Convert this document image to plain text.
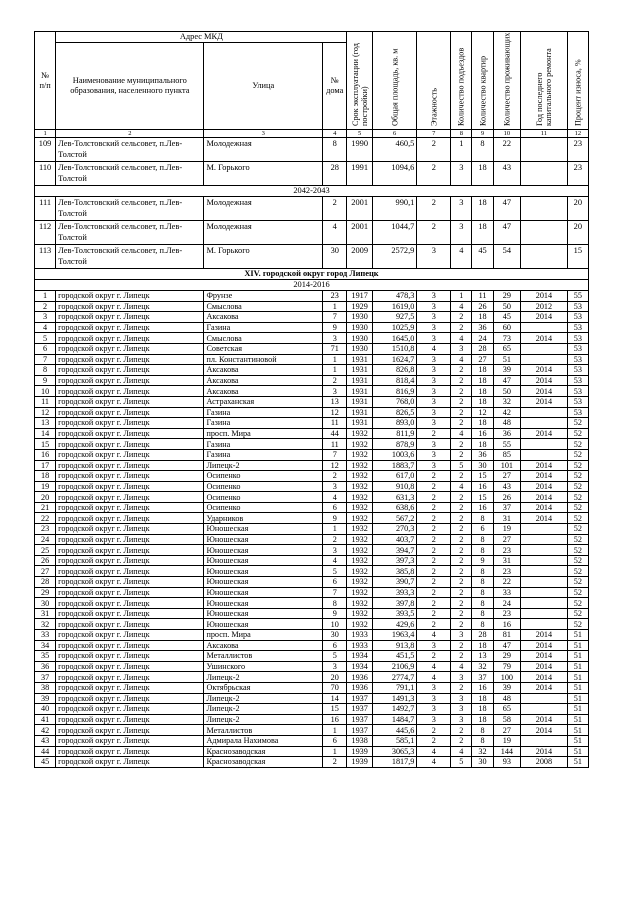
№ п/п	Адрес МКД			Срок эксплуатации (год постройки)	Общая площадь, кв. м	Этажность	Количество подъездов	Количество квартир	Количество проживающих	Год последнего капитального ремонта	Процент износа, %

	Наименование муниципального образования, населенного пункта	Улица	№ дома								
1	2	3	4	5	6	7	8	9	10	11	12
109	Лев-Толстовский сельсовет, п.Лев-Толстой	Молодежная	8	1990	460,5	2	1	8	22		23
110	Лев-Толстовский сельсовет, п.Лев-Толстой	М. Горького	28	1991	1094,6	2	3	18	43		23
2042-2043											
111	Лев-Толстовский сельсовет, п.Лев-Толстой	Молодежная	2	2001	990,1	2	3	18	47		20
112	Лев-Толстовский сельсовет, п.Лев-Толстой	Молодежная	4	2001	1044,7	2	3	18	47		20
113	Лев-Толстовский сельсовет, п.Лев-Толстой	М. Горького	30	2009	2572,9	3	4	45	54		15
XIV. городской округ город Липецк											
2014-2016											
1	городской округ г. Липецк	Фрунзе	23	1917	478,3	3	1	11	29	2014	55
2	городской округ г. Липецк	Смыслова	1	1929	1619,0	3	4	26	50	2012	53
3	городской округ г. Липецк	Аксакова	7	1930	927,5	3	2	18	45	2014	53
4	городской округ г. Липецк	Газина	9	1930	1025,9	3	2	36	60		53
5	городской округ г. Липецк	Смыслова	3	1930	1645,0	3	4	24	73	2014	53
6	городской округ г. Липецк	Советская	71	1930	1510,8	4	3	28	65		53
7	городской округ г. Липецк	пл. Константиновой	1	1931	1624,7	3	4	27	51		53
8	городской округ г. Липецк	Аксакова	1	1931	826,8	3	2	18	39	2014	53
9	городской округ г. Липецк	Аксакова	2	1931	818,4	3	2	18	47	2014	53
10	городской округ г. Липецк	Аксакова	3	1931	816,9	3	2	18	50	2014	53
11	городской округ г. Липецк	Астраханская	13	1931	768,0	3	2	18	32	2014	53
12	городской округ г. Липецк	Газина	12	1931	826,5	3	2	12	42		53
13	городской округ г. Липецк	Газина	11	1931	893,0	3	2	18	48		52
14	городской округ г. Липецк	просп. Мира	44	1932	811,9	2	4	16	36	2014	52
15	городской округ г. Липецк	Газина	11	1932	878,9	3	2	18	55		52
16	городской округ г. Липецк	Газина	7	1932	1003,6	3	2	36	85		52
17	городской округ г. Липецк	Липецк-2	12	1932	1883,7	3	5	30	101	2014	52
18	городской округ г. Липецк	Осипенко	2	1932	617,0	2	2	15	27	2014	52
19	городской округ г. Липецк	Осипенко	3	1932	910,8	2	4	16	43	2014	52
20	городской округ г. Липецк	Осипенко	4	1932	631,3	2	2	15	26	2014	52
21	городской округ г. Липецк	Осипенко	6	1932	638,6	2	2	16	37	2014	52
22	городской округ г. Липецк	Ударников	9	1932	567,2	2	2	8	31	2014	52
23	городской округ г. Липецк	Юношеская	1	1932	270,3	2	2	6	19		52
24	городской округ г. Липецк	Юношеская	2	1932	403,7	2	2	8	27		52
25	городской округ г. Липецк	Юношеская	3	1932	394,7	2	2	8	23		52
26	городской округ г. Липецк	Юношеская	4	1932	397,3	2	2	9	31		52
27	городской округ г. Липецк	Юношеская	5	1932	385,8	2	2	8	23		52
28	городской округ г. Липецк	Юношеская	6	1932	390,7	2	2	8	22		52
29	городской округ г. Липецк	Юношеская	7	1932	393,3	2	2	8	33		52
30	городской округ г. Липецк	Юношеская	8	1932	397,8	2	2	8	24		52
31	городской округ г. Липецк	Юношеская	9	1932	393,5	2	2	8	23		52
32	городской округ г. Липецк	Юношеская	10	1932	429,6	2	2	8	16		52
33	городской округ г. Липецк	просп. Мира	30	1933	1963,4	4	3	28	81	2014	51
34	городской округ г. Липецк	Аксакова	6	1933	913,8	3	2	18	47	2014	51
35	городской округ г. Липецк	Металлистов	5	1934	451,5	2	2	13	29	2014	51
36	городской округ г. Липецк	Ушинского	3	1934	2106,9	4	4	32	79	2014	51
37	городской округ г. Липецк	Липецк-2	20	1936	2774,7	4	3	37	100	2014	51
38	городской округ г. Липецк	Октябрьская	70	1936	791,1	3	2	16	39	2014	51
39	городской округ г. Липецк	Липецк-2	14	1937	1491,3	3	3	18	48		51
40	городской округ г. Липецк	Липецк-2	15	1937	1492,7	3	3	18	65		51
41	городской округ г. Липецк	Липецк-2	16	1937	1484,7	3	3	18	58	2014	51
42	городской округ г. Липецк	Металлистов	1	1937	445,6	2	2	8	27	2014	51
43	городской округ г. Липецк	Адмирала Нахимова	6	1938	585,1	2	2	8	19		51
44	городской округ г. Липецк	Краснозаводская	1	1939	3065,3	4	4	32	144	2014	51
45	городской округ г. Липецк	Краснозаводская	2	1939	1817,9	4	5	30	93	2008	51
